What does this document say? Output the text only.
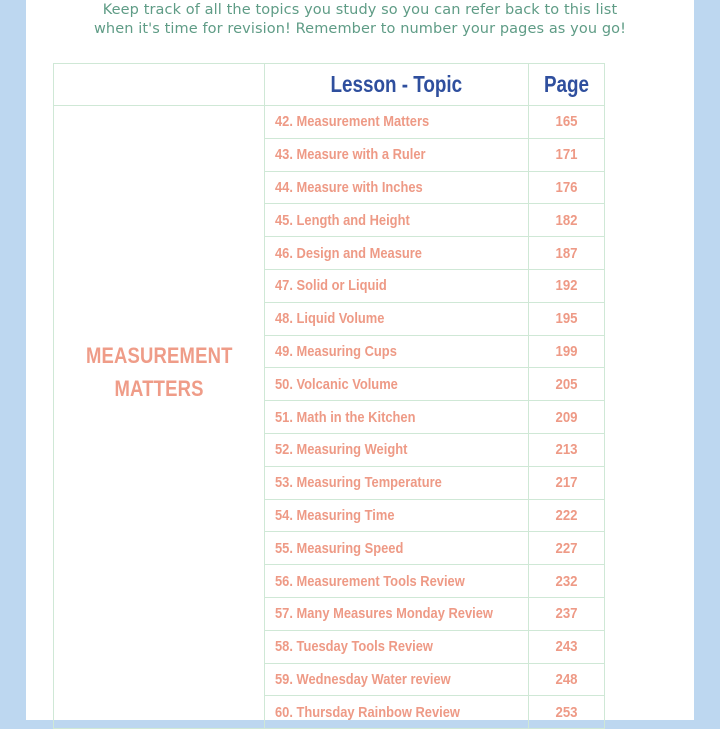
Keep track of all the topics you study so you can refer back to this list
when it's time for revision! Remember to number your pages as you go!
	Lesson - Topic	Page

MEASUREMENT
MATTERS	42. Measurement Matters	165
	43. Measure with a Ruler	171
	44. Measure with Inches	176
	45. Length and Height	182
	46. Design and Measure	187
	47. Solid or Liquid	192
	48. Liquid Volume	195
	49. Measuring Cups	199
	50. Volcanic Volume	205
	51. Math in the Kitchen	209
	52. Measuring Weight	213
	53. Measuring Temperature	217
	54. Measuring Time	222
	55. Measuring Speed	227
	56. Measurement Tools Review	232
	57. Many Measures Monday Review	237
	58. Tuesday Tools Review	243
	59. Wednesday Water review	248
	60. Thursday Rainbow Review	253
